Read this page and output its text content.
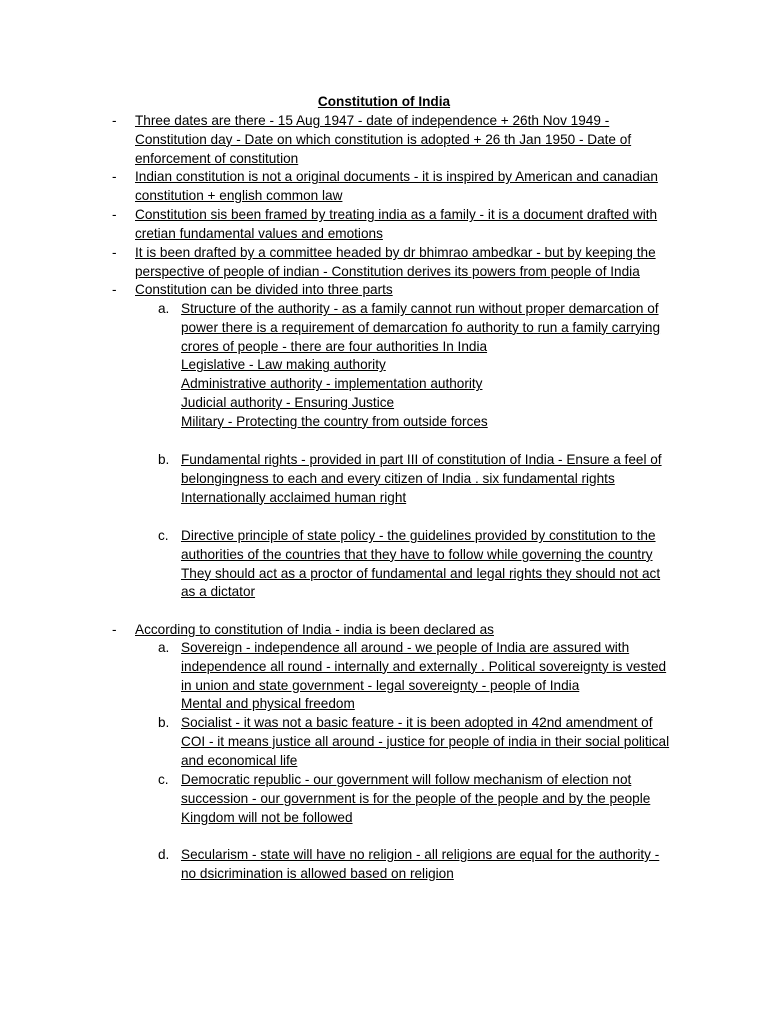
Constitution of India
- Three dates are there - 15 Aug 1947 - date of independence + 26th Nov 1949 -
Constitution day - Date on which constitution is adopted + 26 th Jan 1950 - Date of
enforcement of constitution
- Indian constitution is not a original documents - it is inspired by American and canadian
constitution + english common law
- Constitution sis been framed by treating india as a family - it is a document drafted with
cretian fundamental values and emotions
- It is been drafted by a committee headed by dr bhimrao ambedkar - but by keeping the
perspective of people of indian - Constitution derives its powers from people of India
- Constitution can be divided into three parts
a. Structure of the authority - as a family cannot run without proper demarcation of
power there is a requirement of demarcation fo authority to run a family carrying
crores of people - there are four authorities In India
Legislative - Law making authority
Administrative authority - implementation authority
Judicial authority - Ensuring Justice
Military - Protecting the country from outside forces
b. Fundamental rights - provided in part III of constitution of India - Ensure a feel of
belongingness to each and every citizen of India . six fundamental rights
Internationally acclaimed human right
c. Directive principle of state policy - the guidelines provided by constitution to the
authorities of the countries that they have to follow while governing the country
They should act as a proctor of fundamental and legal rights they should not act
as a dictator
- According to constitution of India - india is been declared as
a. Sovereign - independence all around - we people of India are assured with
independence all round - internally and externally . Political sovereignty is vested
in union and state government - legal sovereignty - people of India
Mental and physical freedom
b. Socialist - it was not a basic feature - it is been adopted in 42nd amendment of
COI - it means justice all around - justice for people of india in their social political
and economical life
c. Democratic republic - our government will follow mechanism of election not
succession - our government is for the people of the people and by the people
Kingdom will not be followed
d. Secularism - state will have no religion - all religions are equal for the authority -
no dsicrimination is allowed based on religion
